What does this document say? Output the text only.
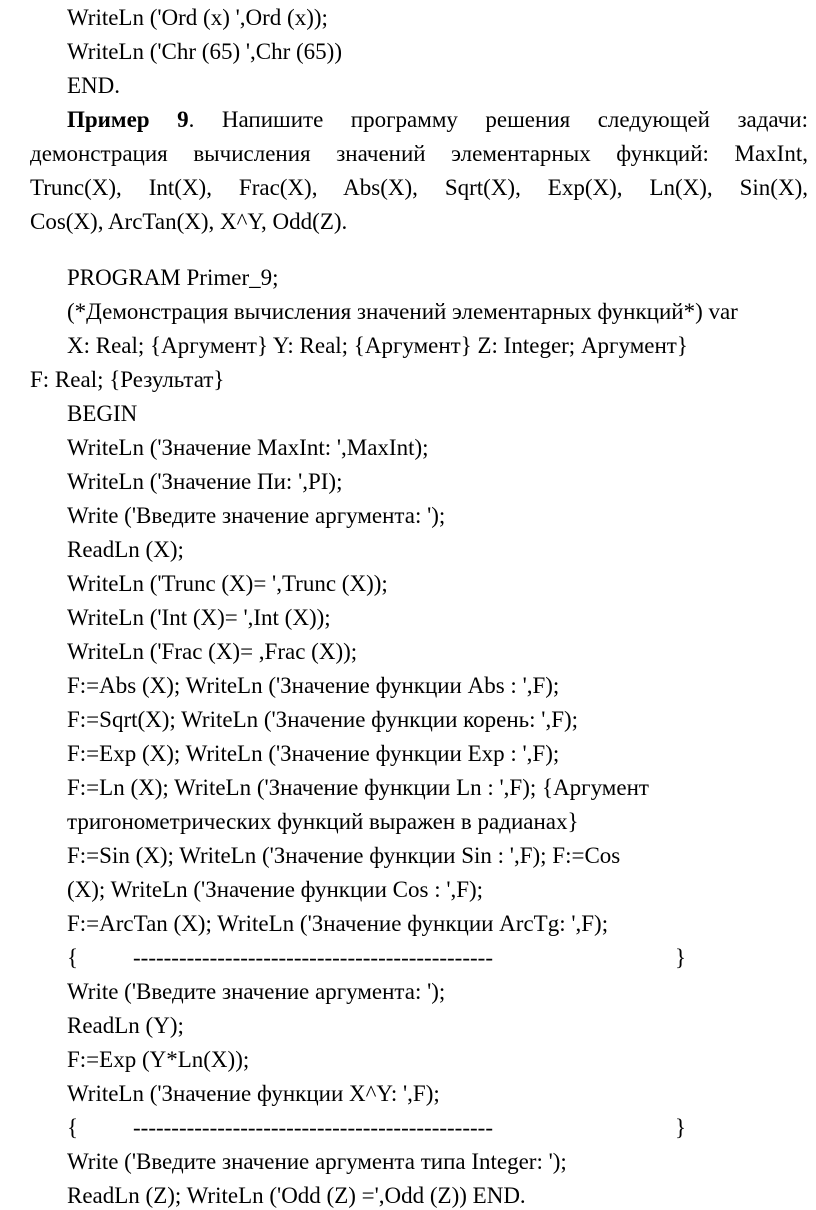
WriteLn ('Ord (x) ',Ord (x));
WriteLn ('Chr (65) ',Chr (65))
END.
Пример 9. Напишите программу решения следующей задачи:
демонстрация вычисления значений элементарных функций: MaxInt,
Trunc(X), Int(X), Frac(X), Abs(X), Sqrt(X), Exp(X), Ln(X), Sin(X),
Cos(X), ArcTan(X), X^Y, Odd(Z).
PROGRAM Primer_9;
(*Демонстрация вычисления значений элементарных функций*) var
X: Real; {Аргумент} Y: Real; {Аргумент} Z: Integer; Аргумент}
F: Real; {Результат}
BEGIN
WriteLn ('Значение MaxInt: ',MaxInt);
WriteLn ('Значение Пи: ',PI);
Write ('Введите значение аргумента: ');
ReadLn (X);
WriteLn ('Trunc (X)= ',Trunc (X));
WriteLn ('Int (X)= ',Int (X));
WriteLn ('Frac (X)= ,Frac (X));
F:=Abs (X); WriteLn ('Значение функции Abs : ',F);
F:=Sqrt(X); WriteLn ('Значение функции корень: ',F);
F:=Exp (X); WriteLn ('Значение функции Exp : ',F);
F:=Ln (X); WriteLn ('Значение функции Ln : ',F); {Аргумент
тригонометрических функций выражен в радианах}
F:=Sin (X); WriteLn ('Значение функции Sin : ',F); F:=Cos
(X); WriteLn ('Значение функции Cos : ',F);
F:=ArcTan (X); WriteLn ('Значение функции ArcTg: ',F);
{ -----------------------------------------------	}
Write ('Введите значение аргумента: ');
ReadLn (Y);
F:=Exp (Y*Ln(X));
WriteLn ('Значение функции X^Y: ',F);
{ -----------------------------------------------	}
Write ('Введите значение аргумента типа Integer: ');
ReadLn (Z); WriteLn ('Odd (Z) =',Odd (Z)) END.
